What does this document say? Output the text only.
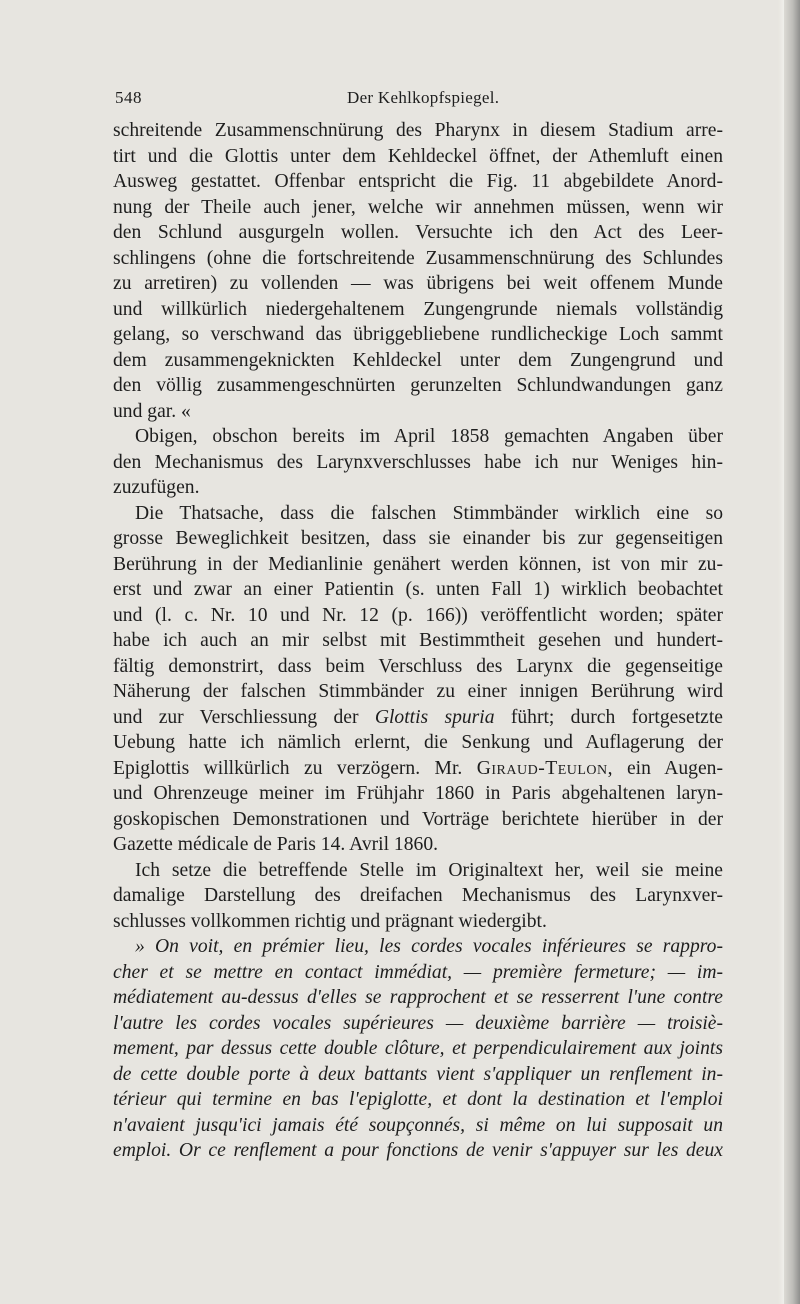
548	Der Kehlkopfspiegel.
schreitende Zusammenschnürung des Pharynx in diesem Stadium arre-
tirt und die Glottis unter dem Kehldeckel öffnet, der Athemluft einen
Ausweg gestattet. Offenbar entspricht die Fig. 11 abgebildete Anord-
nung der Theile auch jener, welche wir annehmen müssen, wenn wir
den Schlund ausgurgeln wollen. Versuchte ich den Act des Leer-
schlingens (ohne die fortschreitende Zusammenschnürung des Schlundes
zu arretiren) zu vollenden — was übrigens bei weit offenem Munde
und willkürlich niedergehaltenem Zungengrunde niemals vollständig
gelang, so verschwand das übriggebliebene rundlicheckige Loch sammt
dem zusammengeknickten Kehldeckel unter dem Zungengrund und
den völlig zusammengeschnürten gerunzelten Schlundwandungen ganz
und gar. «
Obigen, obschon bereits im April 1858 gemachten Angaben über
den Mechanismus des Larynxverschlusses habe ich nur Weniges hin-
zuzufügen.
Die Thatsache, dass die falschen Stimmbänder wirklich eine so
grosse Beweglichkeit besitzen, dass sie einander bis zur gegenseitigen
Berührung in der Medianlinie genähert werden können, ist von mir zu-
erst und zwar an einer Patientin (s. unten Fall 1) wirklich beobachtet
und (l. c. Nr. 10 und Nr. 12 (p. 166)) veröffentlicht worden; später
habe ich auch an mir selbst mit Bestimmtheit gesehen und hundert-
fältig demonstrirt, dass beim Verschluss des Larynx die gegenseitige
Näherung der falschen Stimmbänder zu einer innigen Berührung wird
und zur Verschliessung der Glottis spuria führt; durch fortgesetzte
Uebung hatte ich nämlich erlernt, die Senkung und Auflagerung der
Epiglottis willkürlich zu verzögern. Mr. Giraud-Teulon, ein Augen-
und Ohrenzeuge meiner im Frühjahr 1860 in Paris abgehaltenen laryn-
goskopischen Demonstrationen und Vorträge berichtete hierüber in der
Gazette médicale de Paris 14. Avril 1860.
Ich setze die betreffende Stelle im Originaltext her, weil sie meine
damalige Darstellung des dreifachen Mechanismus des Larynxver-
schlusses vollkommen richtig und prägnant wiedergibt.
» On voit, en prémier lieu, les cordes vocales inférieures se rappro-
cher et se mettre en contact immédiat, — première fermeture; — im-
médiatement au-dessus d'elles se rapprochent et se resserrent l'une contre
l'autre les cordes vocales supérieures — deuxième barrière — troisiè-
mement, par dessus cette double clôture, et perpendiculairement aux joints
de cette double porte à deux battants vient s'appliquer un renflement in-
térieur qui termine en bas l'epiglotte, et dont la destination et l'emploi
n'avaient jusqu'ici jamais été soupçonnés, si même on lui supposait un
emploi. Or ce renflement a pour fonctions de venir s'appuyer sur les deux
